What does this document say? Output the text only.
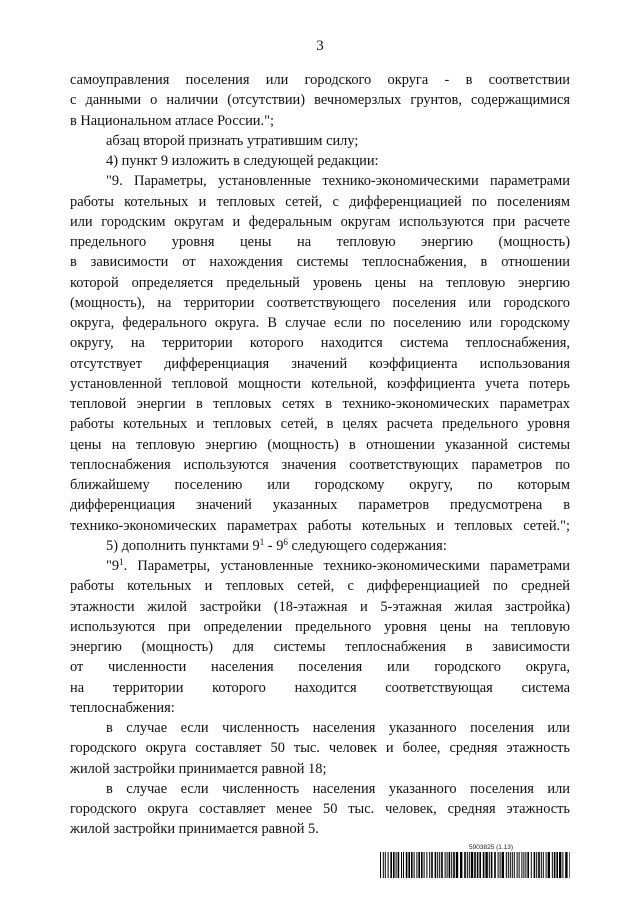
3
самоуправления поселения или городского округа - в соответствии
с данными о наличии (отсутствии) вечномерзлых грунтов, содержащимися
в Национальном атласе России.";
абзац второй признать утратившим силу;
4) пункт 9 изложить в следующей редакции:
"9. Параметры, установленные технико-экономическими параметрами
работы котельных и тепловых сетей, с дифференциацией по поселениям
или городским округам и федеральным округам используются при расчете
предельного уровня цены на тепловую энергию (мощность)
в зависимости от нахождения системы теплоснабжения, в отношении
которой определяется предельный уровень цены на тепловую энергию
(мощность), на территории соответствующего поселения или городского
округа, федерального округа. В случае если по поселению или городскому
округу, на территории которого находится система теплоснабжения,
отсутствует дифференциация значений коэффициента использования
установленной тепловой мощности котельной, коэффициента учета потерь
тепловой энергии в тепловых сетях в технико-экономических параметрах
работы котельных и тепловых сетей, в целях расчета предельного уровня
цены на тепловую энергию (мощность) в отношении указанной системы
теплоснабжения используются значения соответствующих параметров по
ближайшему поселению или городскому округу, по которым
дифференциация значений указанных параметров предусмотрена в
технико-экономических параметрах работы котельных и тепловых сетей.";
5) дополнить пунктами $9^1 - 9^6$ следующего содержания:
"$9^1$. Параметры, установленные технико-экономическими параметрами
работы котельных и тепловых сетей, с дифференциацией по средней
этажности жилой застройки (18-этажная и 5-этажная жилая застройка)
используются при определении предельного уровня цены на тепловую
энергию (мощность) для системы теплоснабжения в зависимости
от численности населения поселения или городского округа,
на территории которого находится соответствующая система
теплоснабжения:
в случае если численность населения указанного поселения или
городского округа составляет 50 тыс. человек и более, средняя этажность
жилой застройки принимается равной 18;
в случае если численность населения указанного поселения или
городского округа составляет менее 50 тыс. человек, средняя этажность
жилой застройки принимается равной 5.
5903825 (1.13)
